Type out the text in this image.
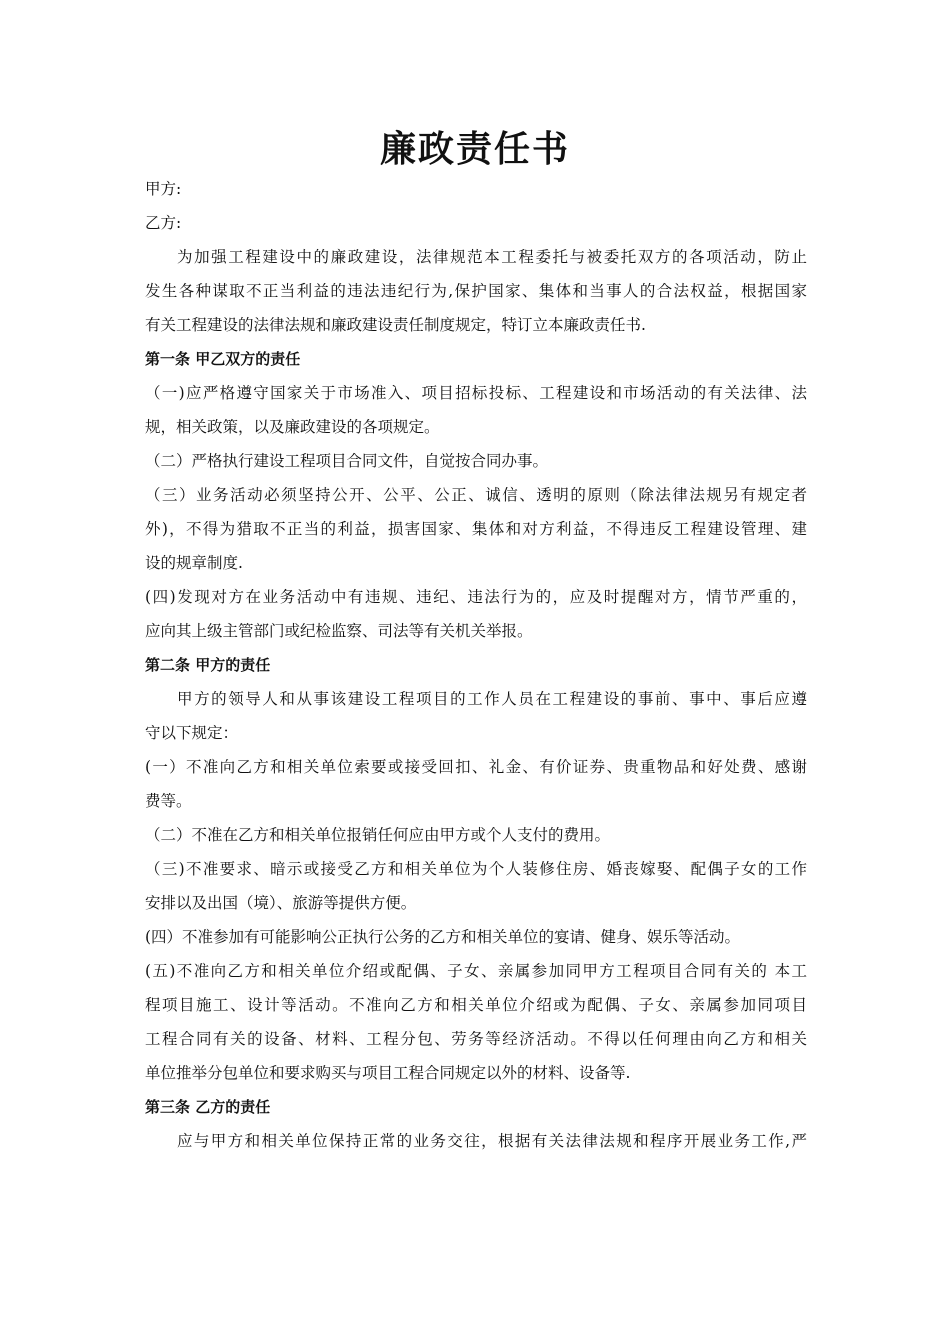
廉政责任书
甲方:
乙方:
为加强工程建设中的廉政建设，法律规范本工程委托与被委托双方的各项活动，防止
发生各种谋取不正当利益的违法违纪行为,保护国家、集体和当事人的合法权益，根据国家
有关工程建设的法律法规和廉政建设责任制度规定，特订立本廉政责任书.
第一条 甲乙双方的责任
（一)应严格遵守国家关于市场准入、项目招标投标、工程建设和市场活动的有关法律、法
规，相关政策，以及廉政建设的各项规定。
（二）严格执行建设工程项目合同文件，自觉按合同办事。
（三）业务活动必须坚持公开、公平、公正、诚信、透明的原则（除法律法规另有规定者
外)，不得为猎取不正当的利益，损害国家、集体和对方利益，不得违反工程建设管理、建
设的规章制度.
(四)发现对方在业务活动中有违规、违纪、违法行为的，应及时提醒对方，情节严重的，
应向其上级主管部门或纪检监察、司法等有关机关举报。
第二条 甲方的责任
甲方的领导人和从事该建设工程项目的工作人员在工程建设的事前、事中、事后应遵
守以下规定：
(一）不准向乙方和相关单位索要或接受回扣、礼金、有价证券、贵重物品和好处费、感谢
费等。
（二）不准在乙方和相关单位报销任何应由甲方或个人支付的费用。
（三)不准要求、暗示或接受乙方和相关单位为个人装修住房、婚丧嫁娶、配偶子女的工作
安排以及出国（境）、旅游等提供方便。
(四）不准参加有可能影响公正执行公务的乙方和相关单位的宴请、健身、娱乐等活动。
(五)不准向乙方和相关单位介绍或配偶、子女、亲属参加同甲方工程项目合同有关的 本工
程项目施工、设计等活动。不准向乙方和相关单位介绍或为配偶、子女、亲属参加同项目
工程合同有关的设备、材料、工程分包、劳务等经济活动。不得以任何理由向乙方和相关
单位推举分包单位和要求购买与项目工程合同规定以外的材料、设备等.
第三条 乙方的责任
应与甲方和相关单位保持正常的业务交往，根据有关法律法规和程序开展业务工作,严
